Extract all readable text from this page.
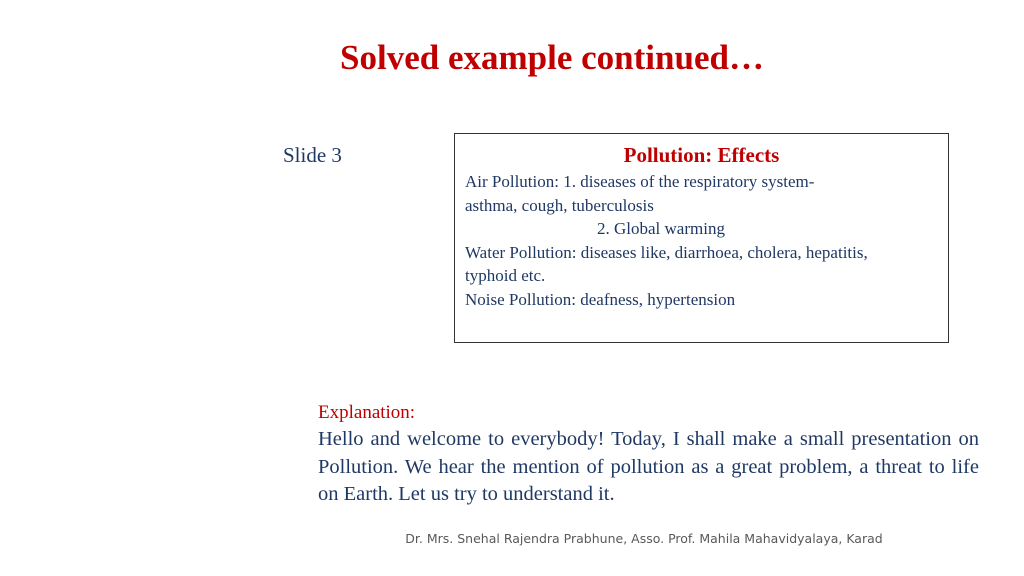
Solved example continued…
Slide 3	Pollution: Effects
Air Pollution: 1. diseases of the respiratory system-
asthma, cough, tuberculosis
2. Global warming
Water Pollution: diseases like, diarrhoea, cholera, hepatitis,
typhoid etc.
Noise Pollution: deafness, hypertension
Explanation:
Hello and welcome to everybody! Today, I shall make a small presentation on Pollution. We hear the mention of pollution as a great problem, a threat to life on Earth. Let us try to understand it.
Dr. Mrs. Snehal Rajendra Prabhune, Asso. Prof. Mahila Mahavidyalaya, Karad
